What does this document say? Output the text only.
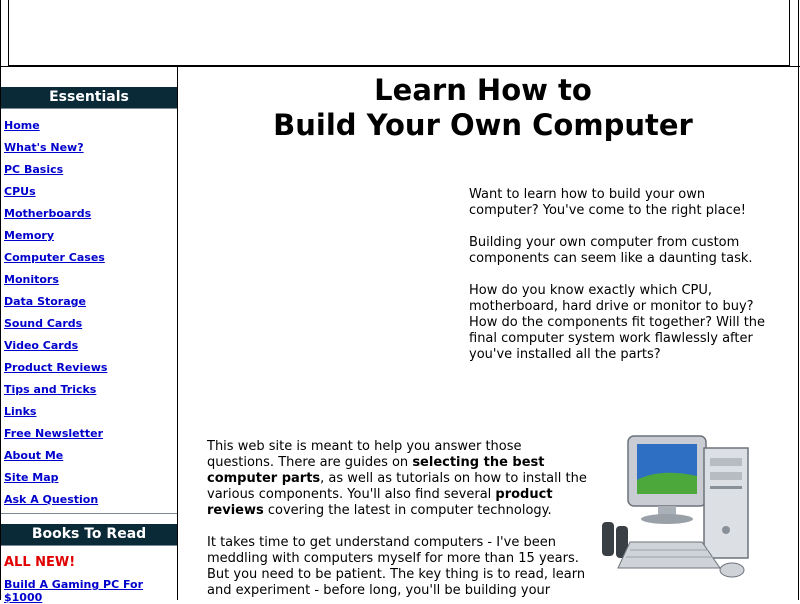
Essentials
Home
What's New?
PC Basics
CPUs
Motherboards
Memory
Computer Cases
Monitors
Data Storage
Sound Cards
Video Cards
Product Reviews
Tips and Tricks
Links
Free Newsletter
About Me
Site Map
Ask A Question
Books To Read
ALL NEW!
Build A Gaming PC For $1000
Learn How to
Build Your Own Computer

Want to learn how to build your own computer? You've come to the right place!

Building your own computer from custom components can seem like a daunting task.

How do you know exactly which CPU, motherboard, hard drive or monitor to buy? How do the components fit together? Will the final computer system work flawlessly after you've installed all the parts?

This web site is meant to help you answer those questions. There are guides on selecting the best computer parts, as well as tutorials on how to install the various components. You'll also find several product reviews covering the latest in computer technology.

It takes time to get understand computers - I've been meddling with computers myself for more than 15 years. But you need to be patient. The key thing is to read, learn and experiment - before long, you'll be building your
